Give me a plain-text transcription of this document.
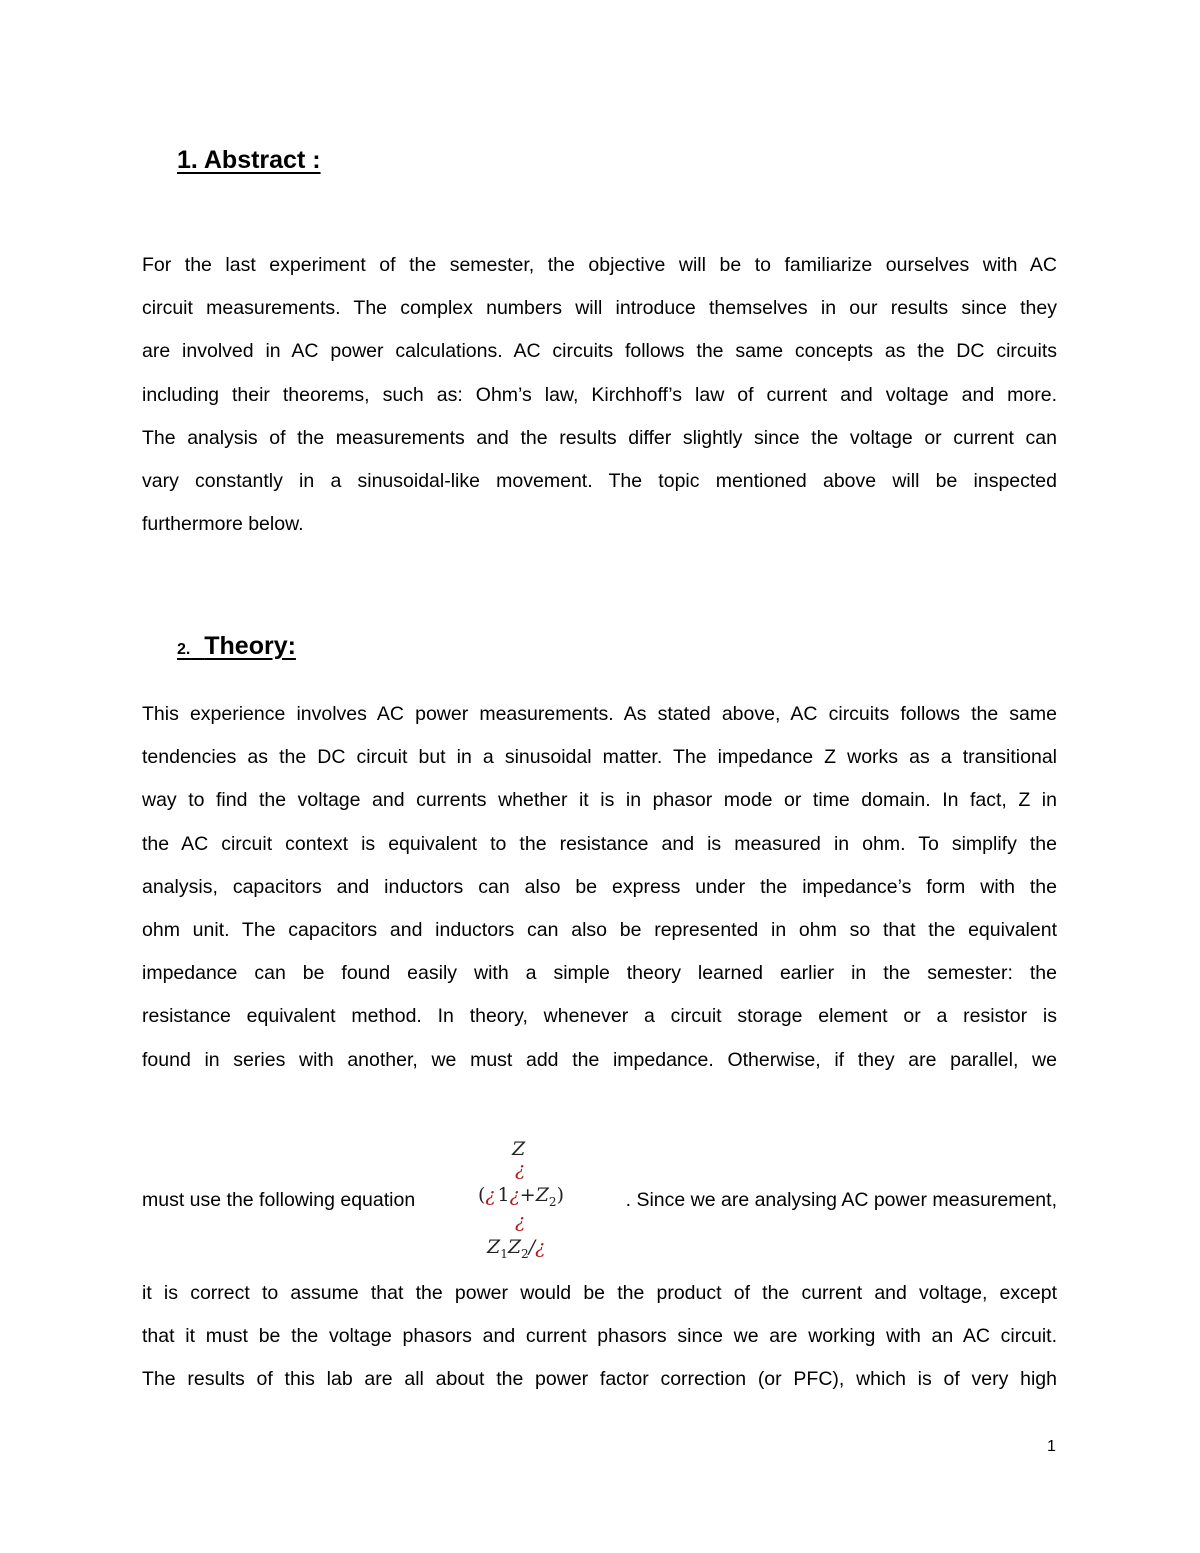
1. Abstract :
For the last experiment of the semester, the objective will be to familiarize ourselves with AC
circuit measurements. The complex numbers will introduce themselves in our results since they
are involved in AC power calculations. AC circuits follows the same concepts as the DC circuits
including their theorems, such as: Ohm’s law, Kirchhoff’s law of current and voltage and more.
The analysis of the measurements and the results differ slightly since the voltage or current can
vary constantly in a sinusoidal-like movement. The topic mentioned above will be inspected
furthermore below.
2. Theory:
This experience involves AC power measurements. As stated above, AC circuits follows the same
tendencies as the DC circuit but in a sinusoidal matter. The impedance Z works as a transitional
way to find the voltage and currents whether it is in phasor mode or time domain. In fact, Z in
the AC circuit context is equivalent to the resistance and is measured in ohm. To simplify the
analysis, capacitors and inductors can also be express under the impedance’s form with the
ohm unit. The capacitors and inductors can also be represented in ohm so that the equivalent
impedance can be found easily with a simple theory learned earlier in the semester: the
resistance equivalent method. In theory, whenever a circuit storage element or a resistor is
found in series with another, we must add the impedance. Otherwise, if they are parallel, we
Z
¿
(¿  $1¿+Z_2$)
¿
$Z_1Z_2/¿$
must use the following equation	. Since we are analysing AC power measurement,
it is correct to assume that the power would be the product of the current and voltage, except
that it must be the voltage phasors and current phasors since we are working with an AC circuit.
The results of this lab are all about the power factor correction (or PFC), which is of very high
1
